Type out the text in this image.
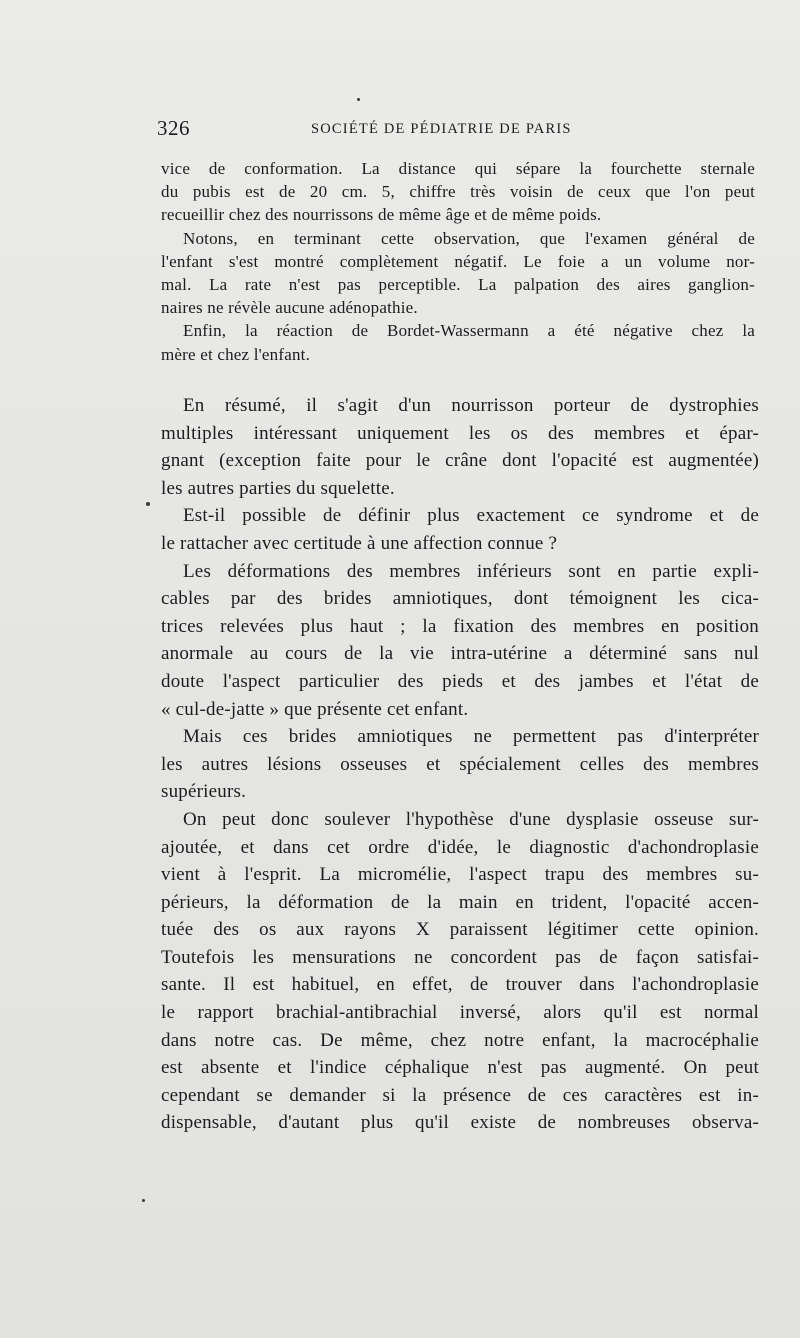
326	SOCIÉTÉ DE PÉDIATRIE DE PARIS
vice de conformation. La distance qui sépare la fourchette sternale
du pubis est de 20 cm. 5, chiffre très voisin de ceux que l'on peut
recueillir chez des nourrissons de même âge et de même poids.
Notons, en terminant cette observation, que l'examen général de
l'enfant s'est montré complètement négatif. Le foie a un volume nor-
mal. La rate n'est pas perceptible. La palpation des aires ganglion-
naires ne révèle aucune adénopathie.
Enfin, la réaction de Bordet-Wassermann a été négative chez la
mère et chez l'enfant.
En résumé, il s'agit d'un nourrisson porteur de dystrophies
multiples intéressant uniquement les os des membres et épar-
gnant (exception faite pour le crâne dont l'opacité est augmentée)
les autres parties du squelette.
Est-il possible de définir plus exactement ce syndrome et de
le rattacher avec certitude à une affection connue ?
Les déformations des membres inférieurs sont en partie expli-
cables par des brides amniotiques, dont témoignent les cica-
trices relevées plus haut ; la fixation des membres en position
anormale au cours de la vie intra-utérine a déterminé sans nul
doute l'aspect particulier des pieds et des jambes et l'état de
« cul-de-jatte » que présente cet enfant.
Mais ces brides amniotiques ne permettent pas d'interpréter
les autres lésions osseuses et spécialement celles des membres
supérieurs.
On peut donc soulever l'hypothèse d'une dysplasie osseuse sur-
ajoutée, et dans cet ordre d'idée, le diagnostic d'achondroplasie
vient à l'esprit. La micromélie, l'aspect trapu des membres su-
périeurs, la déformation de la main en trident, l'opacité accen-
tuée des os aux rayons X paraissent légitimer cette opinion.
Toutefois les mensurations ne concordent pas de façon satisfai-
sante. Il est habituel, en effet, de trouver dans l'achondroplasie
le rapport brachial-antibrachial inversé, alors qu'il est normal
dans notre cas. De même, chez notre enfant, la macrocéphalie
est absente et l'indice céphalique n'est pas augmenté. On peut
cependant se demander si la présence de ces caractères est in-
dispensable, d'autant plus qu'il existe de nombreuses observa-
